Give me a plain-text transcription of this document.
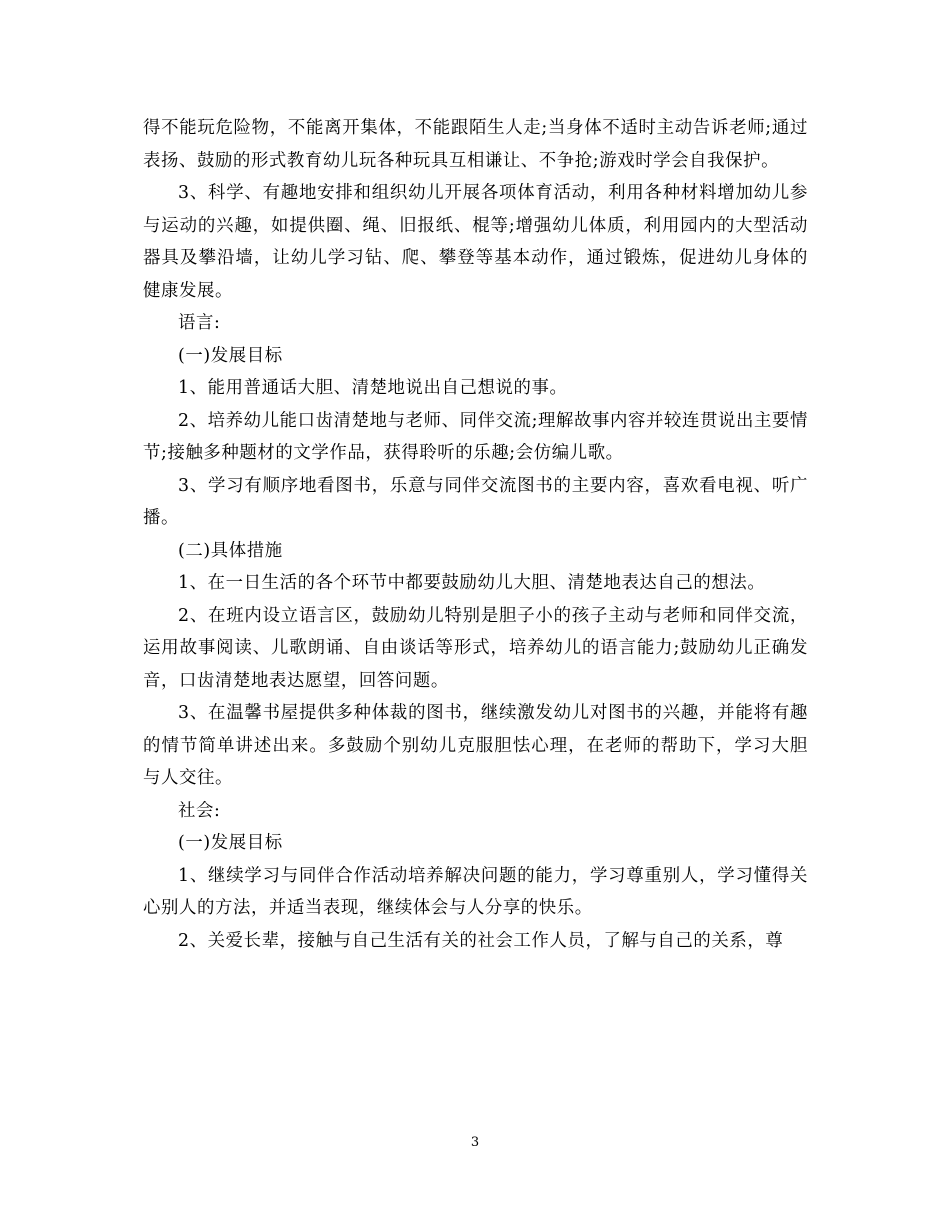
得不能玩危险物，不能离开集体，不能跟陌生人走;当身体不适时主动告诉老师;通过表扬、鼓励的形式教育幼儿玩各种玩具互相谦让、不争抢;游戏时学会自我保护。

3、科学、有趣地安排和组织幼儿开展各项体育活动，利用各种材料增加幼儿参与运动的兴趣，如提供圈、绳、旧报纸、棍等;增强幼儿体质，利用园内的大型活动器具及攀沿墙，让幼儿学习钻、爬、攀登等基本动作，通过锻炼，促进幼儿身体的健康发展。

语言:

(一)发展目标

1、能用普通话大胆、清楚地说出自己想说的事。

2、培养幼儿能口齿清楚地与老师、同伴交流;理解故事内容并较连贯说出主要情节;接触多种题材的文学作品，获得聆听的乐趣;会仿编儿歌。

3、学习有顺序地看图书，乐意与同伴交流图书的主要内容，喜欢看电视、听广播。

(二)具体措施

1、在一日生活的各个环节中都要鼓励幼儿大胆、清楚地表达自己的想法。

2、在班内设立语言区，鼓励幼儿特别是胆子小的孩子主动与老师和同伴交流，运用故事阅读、儿歌朗诵、自由谈话等形式，培养幼儿的语言能力;鼓励幼儿正确发音，口齿清楚地表达愿望，回答问题。

3、在温馨书屋提供多种体裁的图书，继续激发幼儿对图书的兴趣，并能将有趣的情节简单讲述出来。多鼓励个别幼儿克服胆怯心理，在老师的帮助下，学习大胆与人交往。

社会:

(一)发展目标

1、继续学习与同伴合作活动培养解决问题的能力，学习尊重别人，学习懂得关心别人的方法，并适当表现，继续体会与人分享的快乐。

2、关爱长辈，接触与自己生活有关的社会工作人员，了解与自己的关系，尊

3
